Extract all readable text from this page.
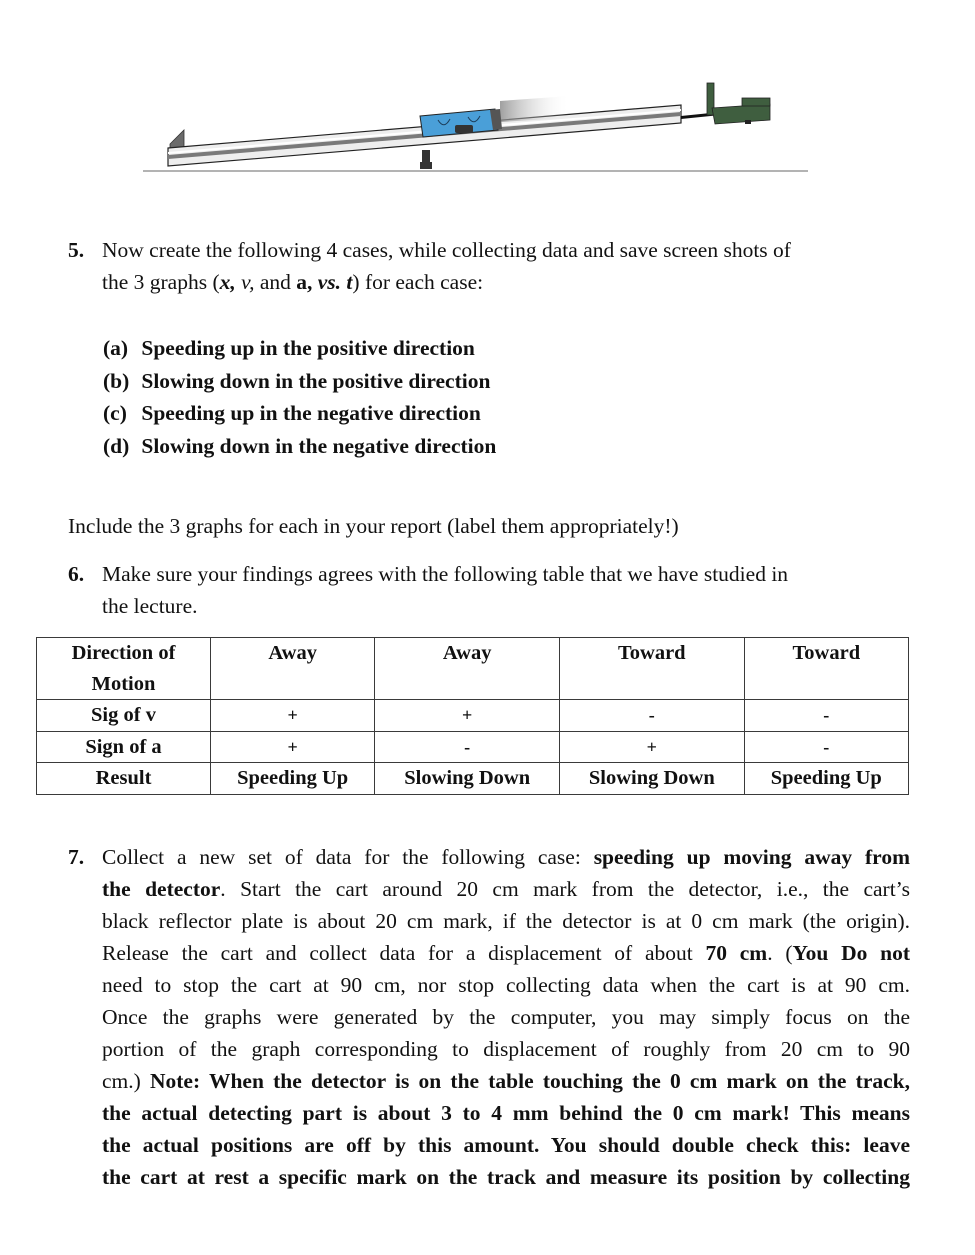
5. Now create the following 4 cases, while collecting data and save screen shots of

the 3 graphs (x, v, and a, vs. t) for each case:

(a) Speeding up in the positive direction
(b) Slowing down in the positive direction
(c) Speeding up in the negative direction
(d) Slowing down in the negative direction
Include the 3 graphs for each in your report (label them appropriately!)
6. Make sure your findings agrees with the following table that we have studied in
the lecture.
Direction of
Motion	Away	Away	Toward	Toward
Sig of v	+	+	-	-
Sign of a	+	-	+	-
Result	Speeding Up	Slowing Down	Slowing Down	Speeding Up
7. Collect a new set of data for the following case: speeding up moving away from
the detector. Start the cart around 20 cm mark from the detector, i.e., the cart’s
black reflector plate is about 20 cm mark, if the detector is at 0 cm mark (the origin).
Release the cart and collect data for a displacement of about 70 cm. (You Do not
need to stop the cart at 90 cm, nor stop collecting data when the cart is at 90 cm.
Once the graphs were generated by the computer, you may simply focus on the
portion of the graph corresponding to displacement of roughly from 20 cm to 90
cm.) Note: When the detector is on the table touching the 0 cm mark on the track,
the actual detecting part is about 3 to 4 mm behind the 0 cm mark! This means
the actual positions are off by this amount. You should double check this: leave
the cart at rest a specific mark on the track and measure its position by collecting
